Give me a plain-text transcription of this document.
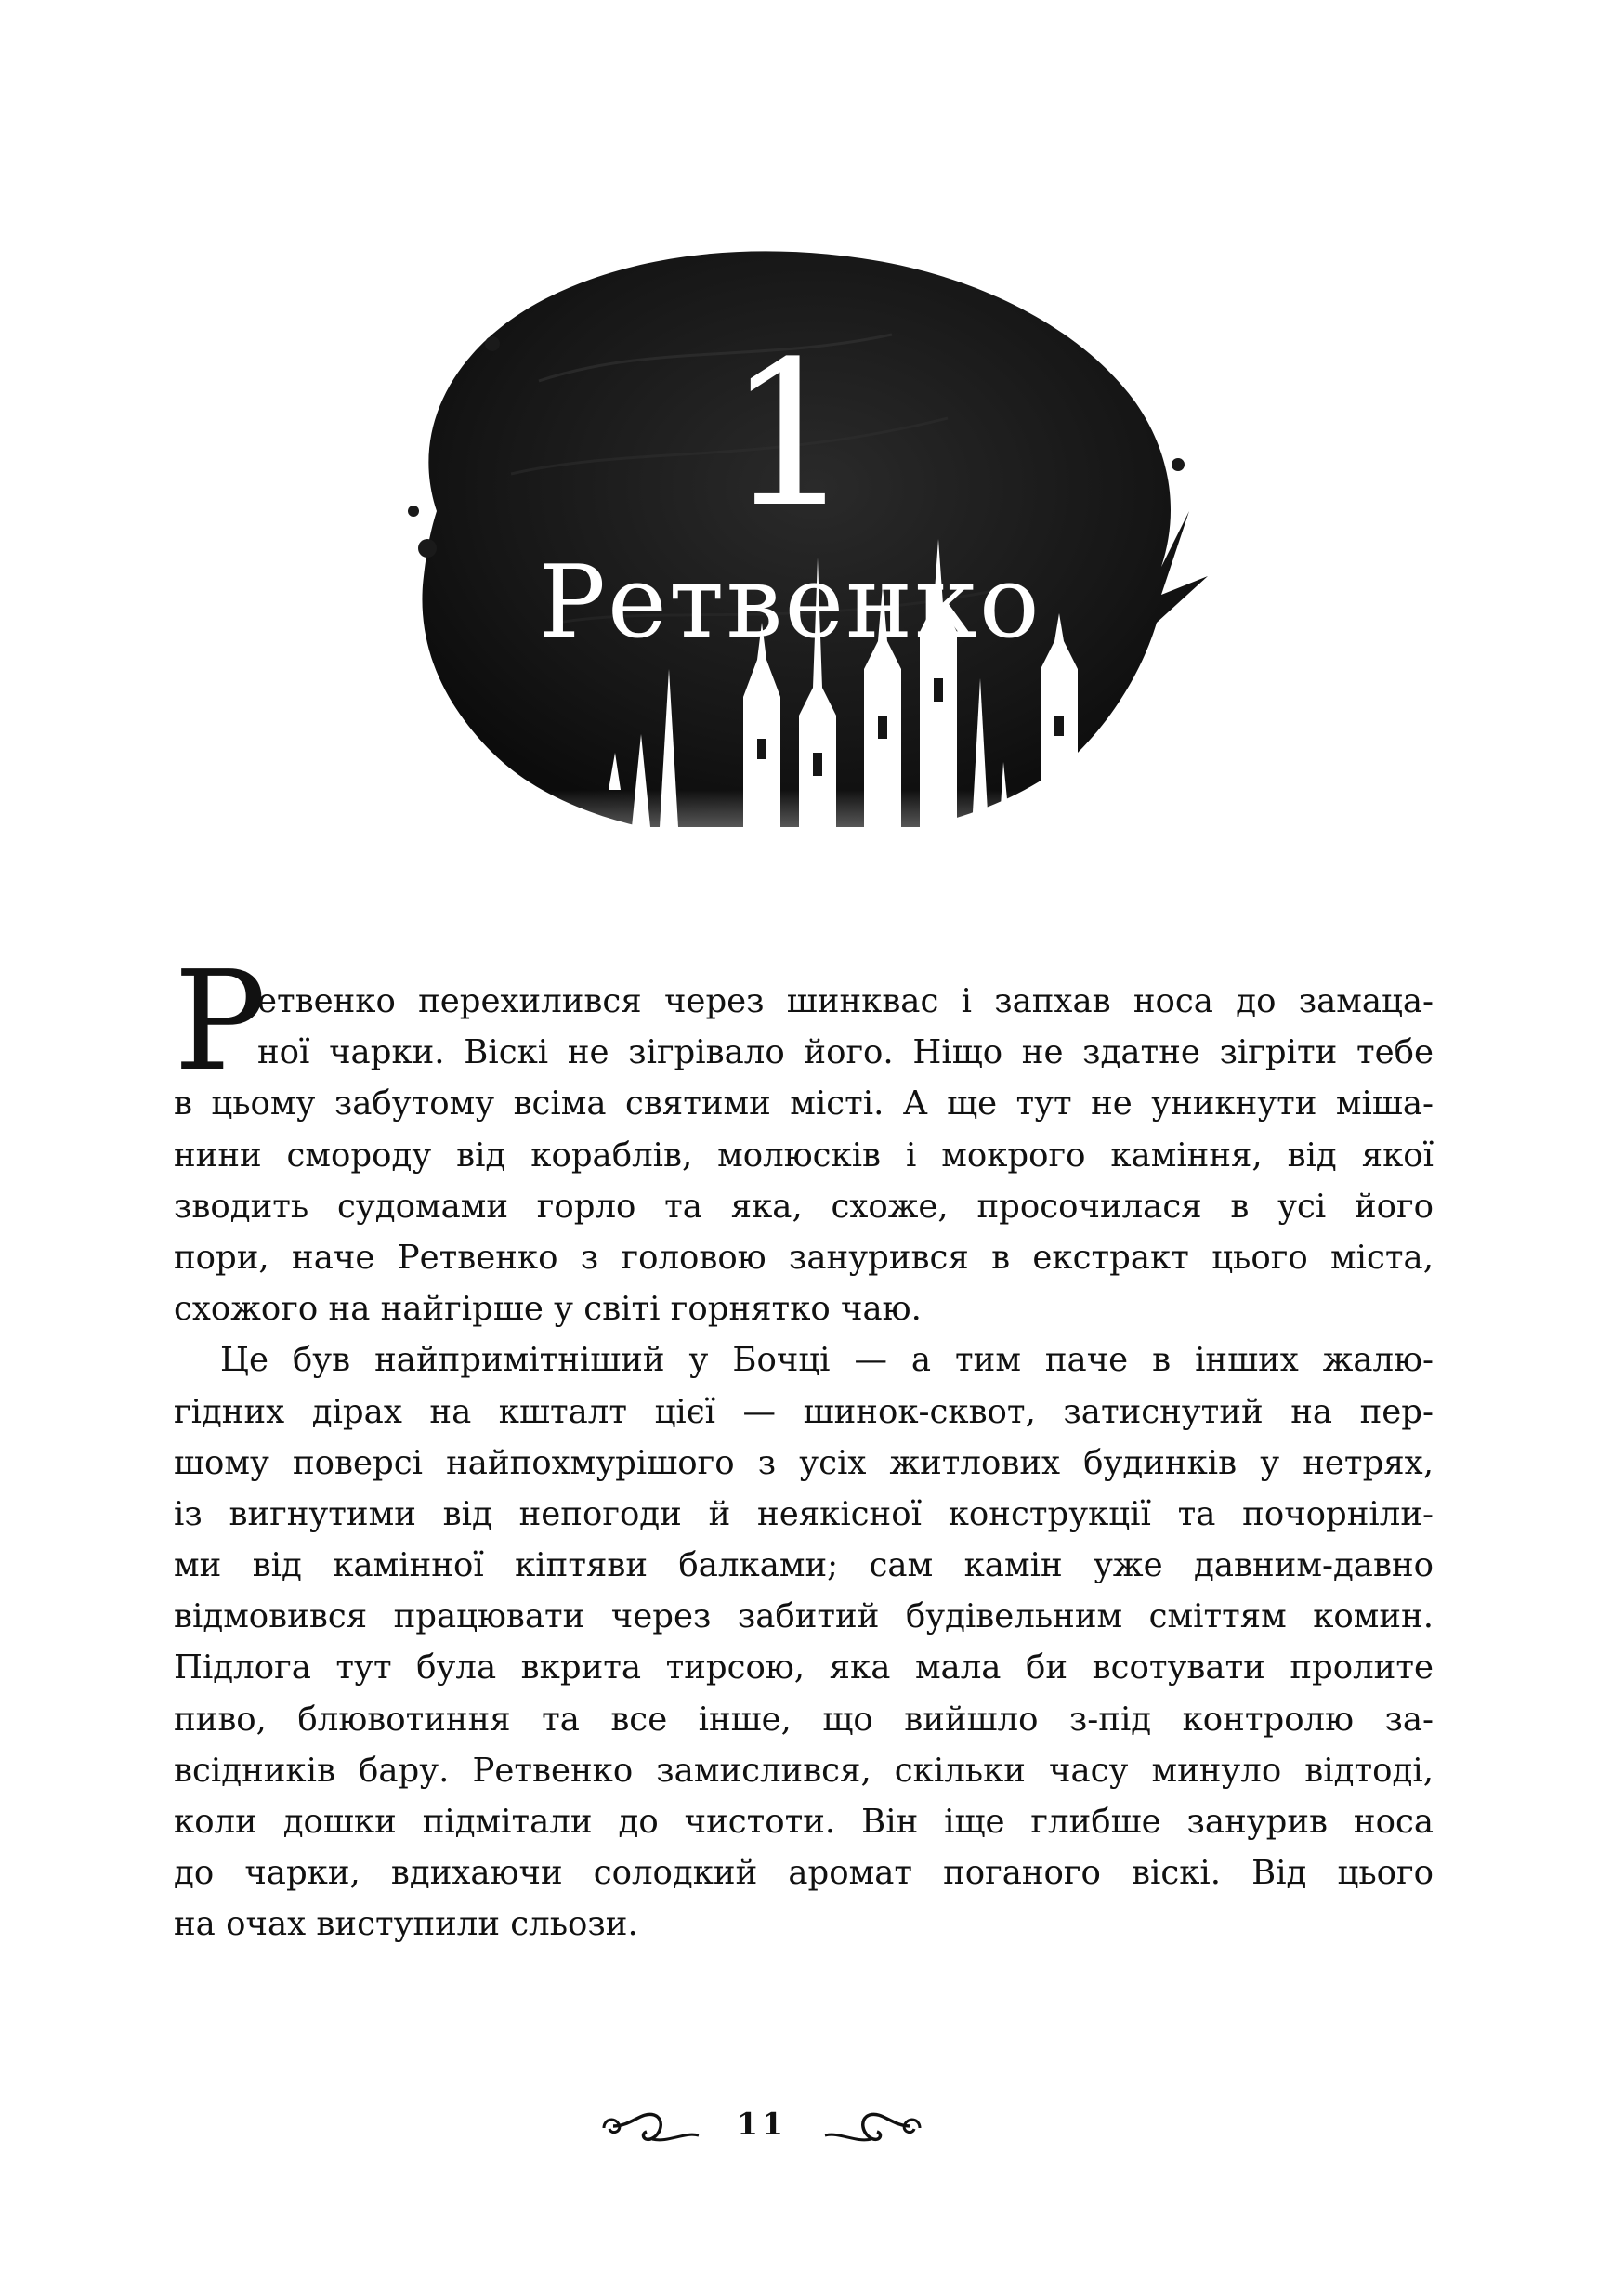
1
Ретвенко
Р
етвенко перехилився через шинквас і запхав носа до замаца-
ної чарки. Віскі не зігрівало його. Ніщо не здатне зігріти тебе
в цьому забутому всіма святими місті. А ще тут не уникнути міша-
нини смороду від кораблів, молюсків і мокрого каміння, від якої
зводить судомами горло та яка, схоже, просочилася в усі його
пори, наче Ретвенко з головою занурився в екстракт цього міста,
схожого на найгірше у світі горнятко чаю.
Це був найпримітніший у Бочці — а тим паче в інших жалю-
гідних дірах на кшталт цієї — шинок-сквот, затиснутий на пер-
шому поверсі найпохмурішого з усіх житлових будинків у нетрях,
із вигнутими від непогоди й неякісної конструкції та почорніли-
ми від камінної кіптяви балками; сам камін уже давним-давно
відмовився працювати через забитий будівельним сміттям комин.
Підлога тут була вкрита тирсою, яка мала би всотувати пролите
пиво, блювотиння та все інше, що вийшло з-під контролю за-
всідників бару. Ретвенко замислився, скільки часу минуло відтоді,
коли дошки підмітали до чистоти. Він іще глибше занурив носа
до чарки, вдихаючи солодкий аромат поганого віскі. Від цього
на очах виступили сльози.
11
